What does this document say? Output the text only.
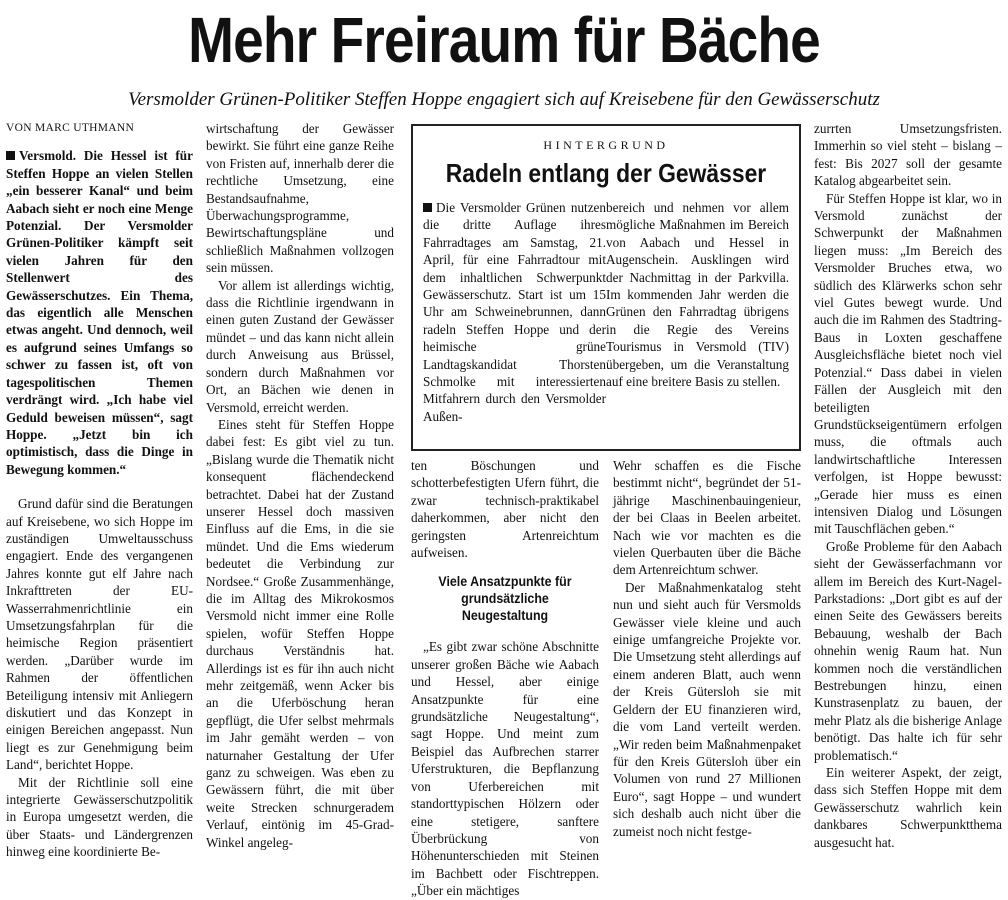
Mehr Freiraum für Bäche
Versmolder Grünen-Politiker Steffen Hoppe engagiert sich auf Kreisebene für den Gewässerschutz

VON MARC UTHMANN

Versmold. Die Hessel ist für Steffen Hoppe an vielen Stellen „ein besserer Kanal“ und beim Aabach sieht er noch eine Menge Potenzial. Der Versmolder Grünen-Politiker kämpft seit vielen Jahren für den Stellenwert des Gewässerschutzes. Ein Thema, das eigentlich alle Menschen etwas angeht. Und dennoch, weil es aufgrund seines Umfangs so schwer zu fassen ist, oft von tagespolitischen Themen verdrängt wird. „Ich habe viel Geduld beweisen müssen“, sagt Hoppe. „Jetzt bin ich optimistisch, dass die Dinge in Bewegung kommen.“

Grund dafür sind die Beratungen auf Kreisebene, wo sich Hoppe im zuständigen Umweltausschuss engagiert. Ende des vergangenen Jahres konnte gut elf Jahre nach Inkrafttreten der EU-Wasserrahmenrichtlinie ein Umsetzungsfahrplan für die heimische Region präsentiert werden. „Darüber wurde im Rahmen der öffentlichen Beteiligung intensiv mit Anliegern diskutiert und das Konzept in einigen Bereichen angepasst. Nun liegt es zur Genehmigung beim Land“, berichtet Hoppe.

Mit der Richtlinie soll eine integrierte Gewässerschutzpolitik in Europa umgesetzt werden, die über Staats- und Ländergrenzen hinweg eine koordinierte Be-

wirtschaftung der Gewässer bewirkt. Sie führt eine ganze Reihe von Fristen auf, innerhalb derer die rechtliche Umsetzung, eine Bestandsaufnahme, Überwachungsprogramme, Bewirtschaftungspläne und schließlich Maßnahmen vollzogen sein müssen.

Vor allem ist allerdings wichtig, dass die Richtlinie irgendwann in einen guten Zustand der Gewässer mündet – und das kann nicht allein durch Anweisung aus Brüssel, sondern durch Maßnahmen vor Ort, an Bächen wie denen in Versmold, erreicht werden.

Eines steht für Steffen Hoppe dabei fest: Es gibt viel zu tun. „Bislang wurde die Thematik nicht konsequent flächendeckend betrachtet. Dabei hat der Zustand unserer Hessel doch massiven Einfluss auf die Ems, in die sie mündet. Und die Ems wiederum bedeutet die Verbindung zur Nordsee.“ Große Zusammenhänge, die im Alltag des Mikrokosmos Versmold nicht immer eine Rolle spielen, wofür Steffen Hoppe durchaus Verständnis hat. Allerdings ist es für ihn auch nicht mehr zeitgemäß, wenn Acker bis an die Uferböschung heran gepflügt, die Ufer selbst mehrmals im Jahr gemäht werden – von naturnaher Gestaltung der Ufer ganz zu schweigen. Was eben zu Gewässern führt, die mit über weite Strecken schnurgeradem Verlauf, eintönig im 45-Grad-Winkel angeleg-

HINTERGRUND
Radeln entlang der Gewässer

Die Versmolder Grünen nutzen die dritte Auflage ihres Fahrradtages am Samstag, 21. April, für eine Fahrradtour mit dem inhaltlichen Schwerpunkt Gewässerschutz. Start ist um 15 Uhr am Schweinebrunnen, dann radeln Steffen Hoppe und der heimische grüne Landtagskandidat Thorsten Schmolke mit interessierten Mitfahrern durch den Versmolder Außen-

bereich und nehmen vor allem mögliche Maßnahmen im Bereich von Aabach und Hessel in Augenschein. Ausklingen wird der Nachmittag in der Parkvilla. Im kommenden Jahr werden die Grünen den Fahrradtag übrigens in die Regie des Vereins Tourismus in Versmold (TIV) übergeben, um die Veranstaltung auf eine breitere Basis zu stellen.

ten Böschungen und schotterbefestigten Ufern führt, die zwar technisch-praktikabel daherkommen, aber nicht den geringsten Artenreichtum aufweisen.

Viele Ansatzpunkte für grundsätzliche Neugestaltung

„Es gibt zwar schöne Abschnitte unserer großen Bäche wie Aabach und Hessel, aber einige Ansatzpunkte für eine grundsätzliche Neugestaltung“, sagt Hoppe. Und meint zum Beispiel das Aufbrechen starrer Uferstrukturen, die Bepflanzung von Uferbereichen mit standorttypischen Hölzern oder eine stetigere, sanftere Überbrückung von Höhenunterschieden mit Steinen im Bachbett oder Fischtreppen. „Über ein mächtiges

Wehr schaffen es die Fische bestimmt nicht“, begründet der 51-jährige Maschinenbauingenieur, der bei Claas in Beelen arbeitet. Nach wie vor machten es die vielen Querbauten über die Bäche dem Artenreichtum schwer.

Der Maßnahmenkatalog steht nun und sieht auch für Versmolds Gewässer viele kleine und auch einige umfangreiche Projekte vor. Die Umsetzung steht allerdings auf einem anderen Blatt, auch wenn der Kreis Gütersloh sie mit Geldern der EU finanzieren wird, die vom Land verteilt werden. „Wir reden beim Maßnahmenpaket für den Kreis Gütersloh über ein Volumen von rund 27 Millionen Euro“, sagt Hoppe – und wundert sich deshalb auch nicht über die zumeist noch nicht festge-

zurrten Umsetzungsfristen. Immerhin so viel steht – bislang – fest: Bis 2027 soll der gesamte Katalog abgearbeitet sein.

Für Steffen Hoppe ist klar, wo in Versmold zunächst der Schwerpunkt der Maßnahmen liegen muss: „Im Bereich des Versmolder Bruches etwa, wo südlich des Klärwerks schon sehr viel Gutes bewegt wurde. Und auch die im Rahmen des Stadtring-Baus in Loxten geschaffene Ausgleichsfläche bietet noch viel Potenzial.“ Dass dabei in vielen Fällen der Ausgleich mit den beteiligten Grundstückseigentümern erfolgen muss, die oftmals auch landwirtschaftliche Interessen verfolgen, ist Hoppe bewusst: „Gerade hier muss es einen intensiven Dialog und Lösungen mit Tauschflächen geben.“

Große Probleme für den Aabach sieht der Gewässerfachmann vor allem im Bereich des Kurt-Nagel-Parkstadions: „Dort gibt es auf der einen Seite des Gewässers bereits Bebauung, weshalb der Bach ohnehin wenig Raum hat. Nun kommen noch die verständlichen Bestrebungen hinzu, einen Kunstrasenplatz zu bauen, der mehr Platz als die bisherige Anlage benötigt. Das halte ich für sehr problematisch.“

Ein weiterer Aspekt, der zeigt, dass sich Steffen Hoppe mit dem Gewässerschutz wahrlich kein dankbares Schwerpunktthema ausgesucht hat.
